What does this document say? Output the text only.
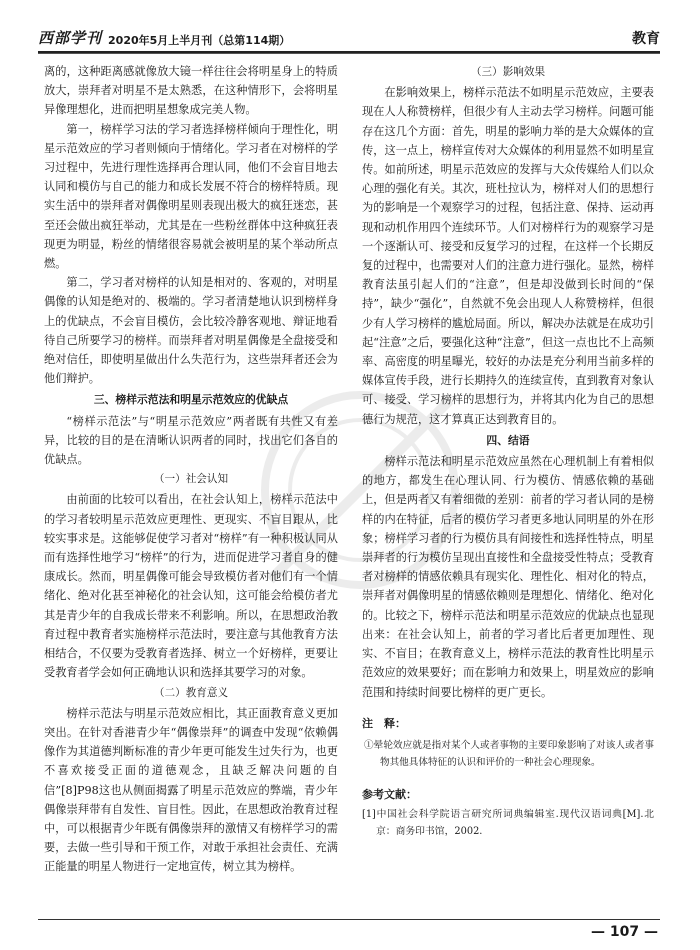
西部学刊 2020年5月上半月刊（总第114期）	教育

离的，这种距离感就像放大镜一样往往会将明星身上的特质放大，崇拜者对明星不是太熟悉，在这种情形下，会将明星异像理想化，进而把明星想象成完美人物。

第一，榜样学习法的学习者选择榜样倾向于理性化，明星示范效应的学习者则倾向于情绪化。学习者在对榜样的学习过程中，先进行理性选择再合理认同，他们不会盲目地去认同和模仿与自己的能力和成长发展不符合的榜样特质。现实生活中的崇拜者对偶像明星则表现出极大的疯狂迷恋，甚至还会做出疯狂举动，尤其是在一些粉丝群体中这种疯狂表现更为明显，粉丝的情绪很容易就会被明星的某个举动所点燃。

第二，学习者对榜样的认知是相对的、客观的，对明星偶像的认知是绝对的、极端的。学习者清楚地认识到榜样身上的优缺点，不会盲目模仿，会比较冷静客观地、辩证地看待自己所要学习的榜样。而崇拜者对明星偶像是全盘接受和绝对信任，即使明星做出什么失范行为，这些崇拜者还会为他们辩护。

三、榜样示范法和明星示范效应的优缺点

“榜样示范法”与“明星示范效应”两者既有共性又有差异，比较的目的是在清晰认识两者的同时，找出它们各自的优缺点。

（一）社会认知

由前面的比较可以看出，在社会认知上，榜样示范法中的学习者较明星示范效应更理性、更现实、不盲目跟从，比较实事求是。这能够促使学习者对“榜样”有一种积极认同从而有选择性地学习“榜样”的行为，进而促进学习者自身的健康成长。然而，明星偶像可能会导致模仿者对他们有一个情绪化、绝对化甚至神秘化的社会认知，这可能会给模仿者尤其是青少年的自我成长带来不利影响。所以，在思想政治教育过程中教育者实施榜样示范法时，要注意与其他教育方法相结合，不仅要为受教育者选择、树立一个好榜样，更要让受教育者学会如何正确地认识和选择其要学习的对象。

（二）教育意义

榜样示范法与明星示范效应相比，其正面教育意义更加突出。在针对香港青少年“偶像崇拜”的调查中发现“依赖偶像作为其道德判断标准的青少年更可能发生过失行为，也更不喜欢接受正面的道德观念，且缺乏解决问题的自信”[8]P98这也从侧面揭露了明星示范效应的弊端，青少年偶像崇拜带有自发性、盲目性。因此，在思想政治教育过程中，可以根据青少年既有偶像崇拜的激情又有榜样学习的需要，去做一些引导和干预工作，对敢于承担社会责任、充满正能量的明星人物进行一定地宣传，树立其为榜样。

（三）影响效果

在影响效果上，榜样示范法不如明星示范效应，主要表现在人人称赞榜样，但很少有人主动去学习榜样。问题可能存在这几个方面：首先，明星的影响力举的是大众媒体的宣传，这一点上，榜样宣传对大众媒体的利用显然不如明星宣传。如前所述，明星示范效应的发挥与大众传媒给人们以众心理的强化有关。其次，班杜拉认为，榜样对人们的思想行为的影响是一个观察学习的过程，包括注意、保持、运动再现和动机作用四个连续环节。人们对榜样行为的观察学习是一个逐渐认可、接受和反复学习的过程，在这样一个长期反复的过程中，也需要对人们的注意力进行强化。显然，榜样教育法虽引起人们的“注意”，但是却没做到长时间的“保持”，缺少“强化”，自然就不免会出现人人称赞榜样，但很少有人学习榜样的尴尬局面。所以，解决办法就是在成功引起“注意”之后，要强化这种“注意”，但这一点也比不上高频率、高密度的明星曝光，较好的办法是充分利用当前多样的媒体宣传手段，进行长期持久的连续宣传，直到教育对象认可、接受、学习榜样的思想行为，并将其内化为自己的思想德行为规范，这才算真正达到教育目的。

四、结语

榜样示范法和明星示范效应虽然在心理机制上有着相似的地方，都发生在心理认同、行为模仿、情感依赖的基础上，但是两者又有着细微的差别：前者的学习者认同的是榜样的内在特征，后者的模仿学习者更多地认同明星的外在形象；榜样学习者的行为模仿具有间接性和选择性特点，明星崇拜者的行为模仿呈现出直接性和全盘接受性特点；受教育者对榜样的情感依赖具有现实化、理性化、相对化的特点，崇拜者对偶像明星的情感依赖则是理想化、情绪化、绝对化的。比较之下，榜样示范法和明星示范效应的优缺点也显现出来：在社会认知上，前者的学习者比后者更加理性、现实、不盲目；在教育意义上，榜样示范法的教育性比明星示范效应的效果要好；而在影响力和效果上，明星效应的影响范围和持续时间要比榜样的更广更长。

注　释：
①晕轮效应就是指对某个人或者事物的主要印象影响了对该人或者事物其他具体特征的认识和评价的一种社会心理现象。
参考文献：
[1]中国社会科学院语言研究所词典编辑室.现代汉语词典[M].北京：商务印书馆，2002.
— 107 —
